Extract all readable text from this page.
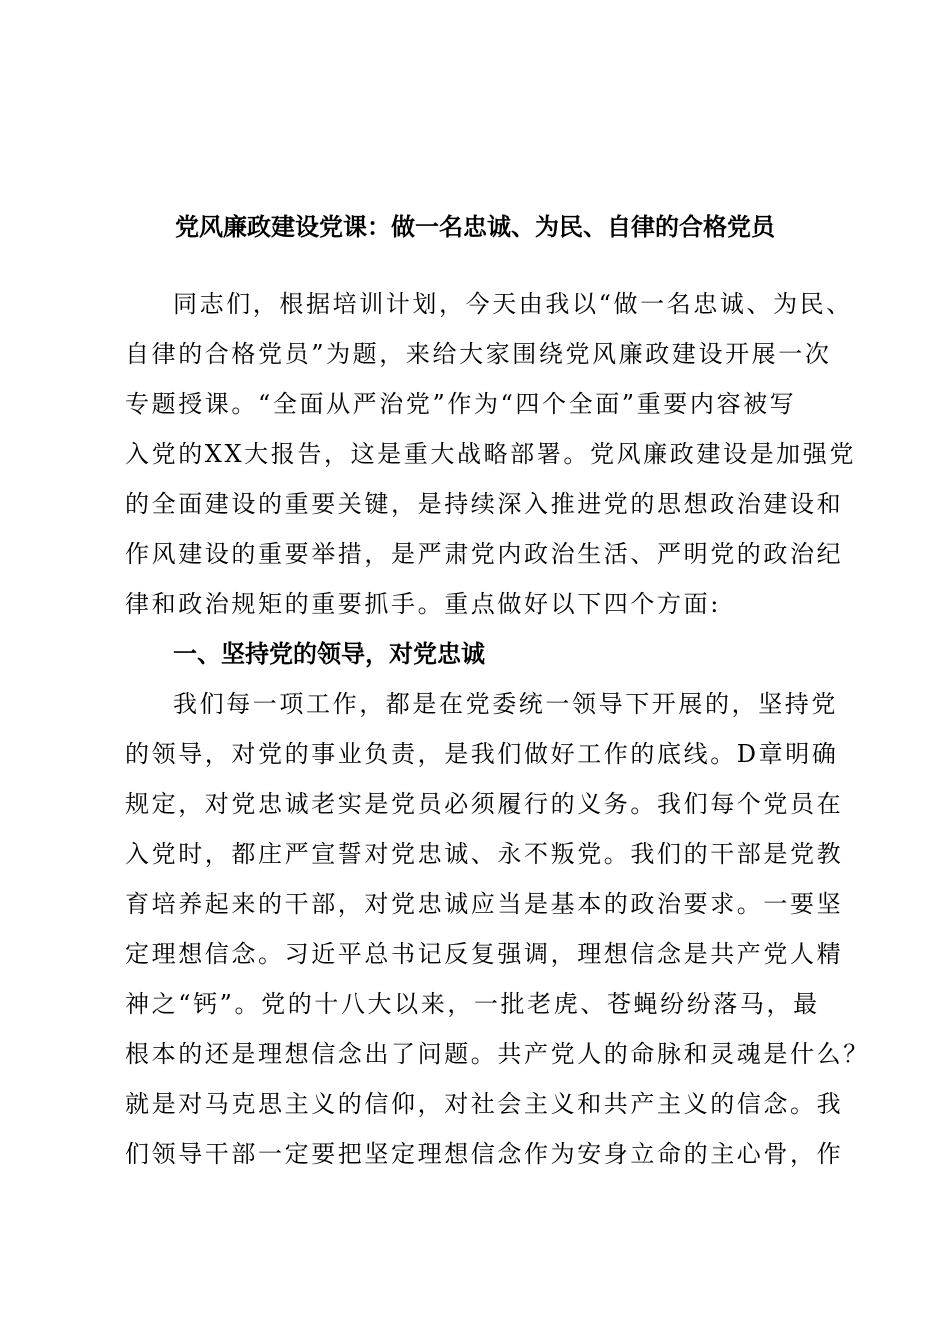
党风廉政建设党课：做一名忠诚、为民、自律的合格党员
同志们，根据培训计划，今天由我以“做一名忠诚、为民、
自律的合格党员”为题，来给大家围绕党风廉政建设开展一次
专题授课。“全面从严治党”作为“四个全面”重要内容被写
入党的XX大报告，这是重大战略部署。党风廉政建设是加强党
的全面建设的重要关键，是持续深入推进党的思想政治建设和
作风建设的重要举措，是严肃党内政治生活、严明党的政治纪
律和政治规矩的重要抓手。重点做好以下四个方面:
一、坚持党的领导，对党忠诚
我们每一项工作，都是在党委统一领导下开展的，坚持党
的领导，对党的事业负责，是我们做好工作的底线。D章明确
规定，对党忠诚老实是党员必须履行的义务。我们每个党员在
入党时，都庄严宣誓对党忠诚、永不叛党。我们的干部是党教
育培养起来的干部，对党忠诚应当是基本的政治要求。一要坚
定理想信念。习近平总书记反复强调，理想信念是共产党人精
神之“钙”。党的十八大以来，一批老虎、苍蝇纷纷落马，最
根本的还是理想信念出了问题。共产党人的命脉和灵魂是什么？
就是对马克思主义的信仰，对社会主义和共产主义的信念。我
们领导干部一定要把坚定理想信念作为安身立命的主心骨，作
